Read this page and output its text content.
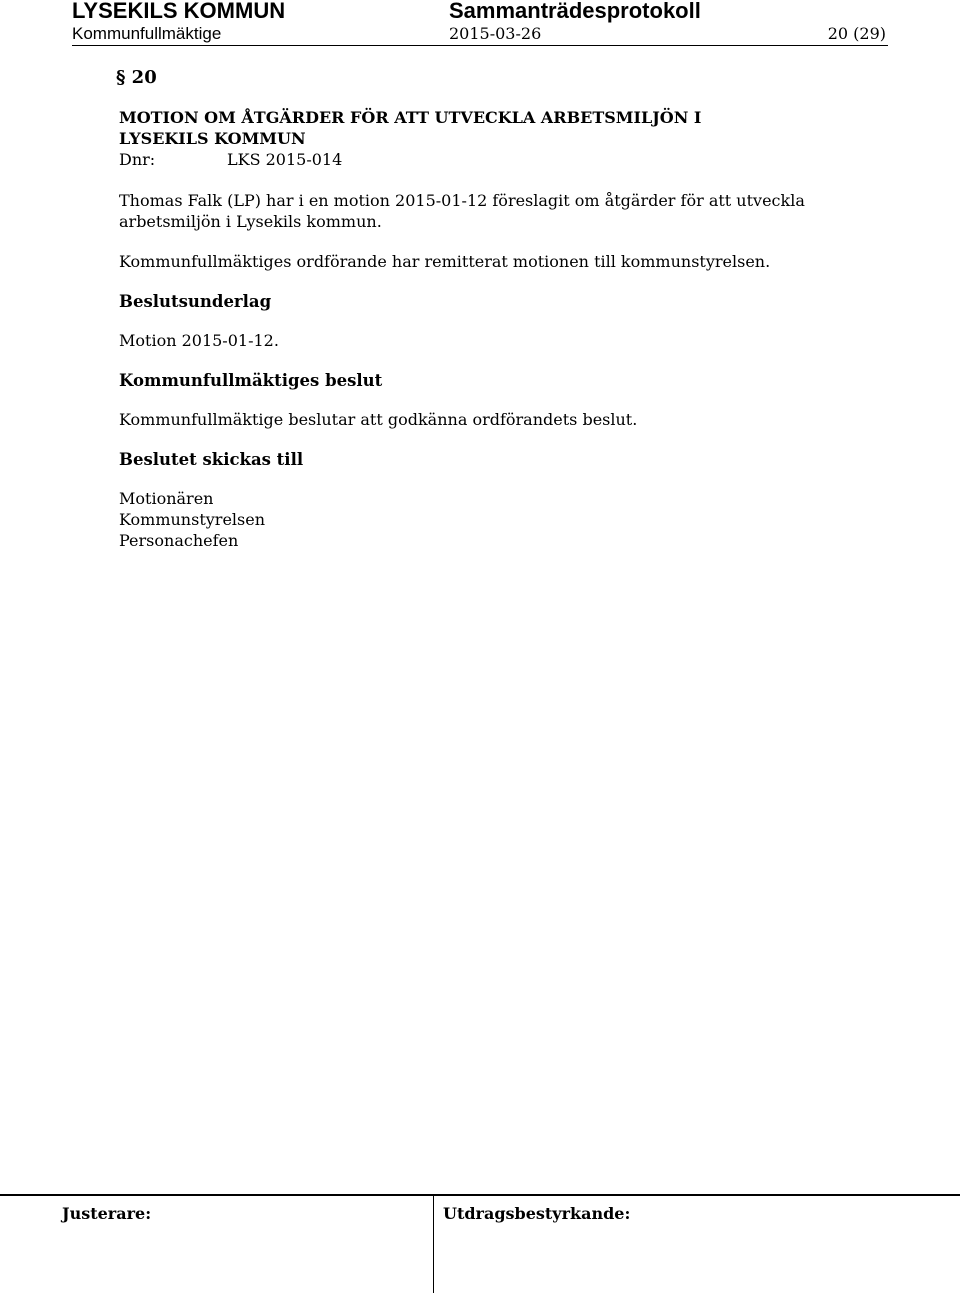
LYSEKILS KOMMUN	Sammanträdesprotokoll
Kommunfullmäktige	2015-03-26	20 (29)
§ 20
MOTION OM ÅTGÄRDER FÖR ATT UTVECKLA ARBETSMILJÖN I
LYSEKILS KOMMUN
Dnr:	LKS 2015-014

Thomas Falk (LP) har i en motion 2015-01-12 föreslagit om åtgärder för att utveckla
arbetsmiljön i Lysekils kommun.

Kommunfullmäktiges ordförande har remitterat motionen till kommunstyrelsen.

Beslutsunderlag

Motion 2015-01-12.

Kommunfullmäktiges beslut

Kommunfullmäktige beslutar att godkänna ordförandets beslut.

Beslutet skickas till
Motionären
Kommunstyrelsen
Personachefen
Justerare:	Utdragsbestyrkande:
